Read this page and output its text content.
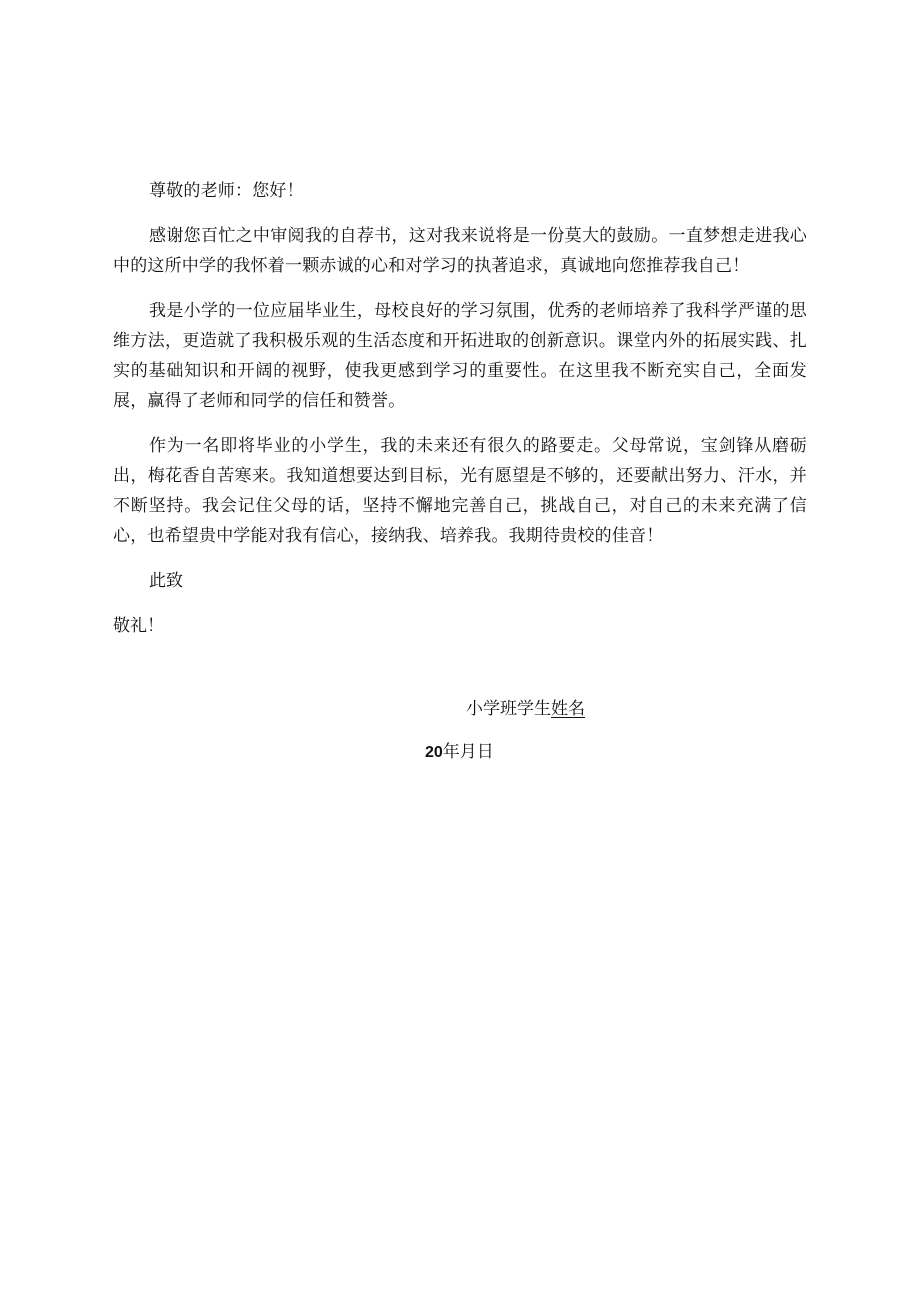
尊敬的老师：您好！

感谢您百忙之中审阅我的自荐书，这对我来说将是一份莫大的鼓励。一直梦想走进我心中的这所中学的我怀着一颗赤诚的心和对学习的执著追求，真诚地向您推荐我自己！

我是小学的一位应届毕业生，母校良好的学习氛围，优秀的老师培养了我科学严谨的思维方法，更造就了我积极乐观的生活态度和开拓进取的创新意识。课堂内外的拓展实践、扎实的基础知识和开阔的视野，使我更感到学习的重要性。在这里我不断充实自己，全面发展，赢得了老师和同学的信任和赞誉。

作为一名即将毕业的小学生，我的未来还有很久的路要走。父母常说，宝剑锋从磨砺出，梅花香自苦寒来。我知道想要达到目标，光有愿望是不够的，还要献出努力、汗水，并不断坚持。我会记住父母的话，坚持不懈地完善自己，挑战自己，对自己的未来充满了信心，也希望贵中学能对我有信心，接纳我、培养我。我期待贵校的佳音！

此致
敬礼！
小学班学生姓名
20年月日
